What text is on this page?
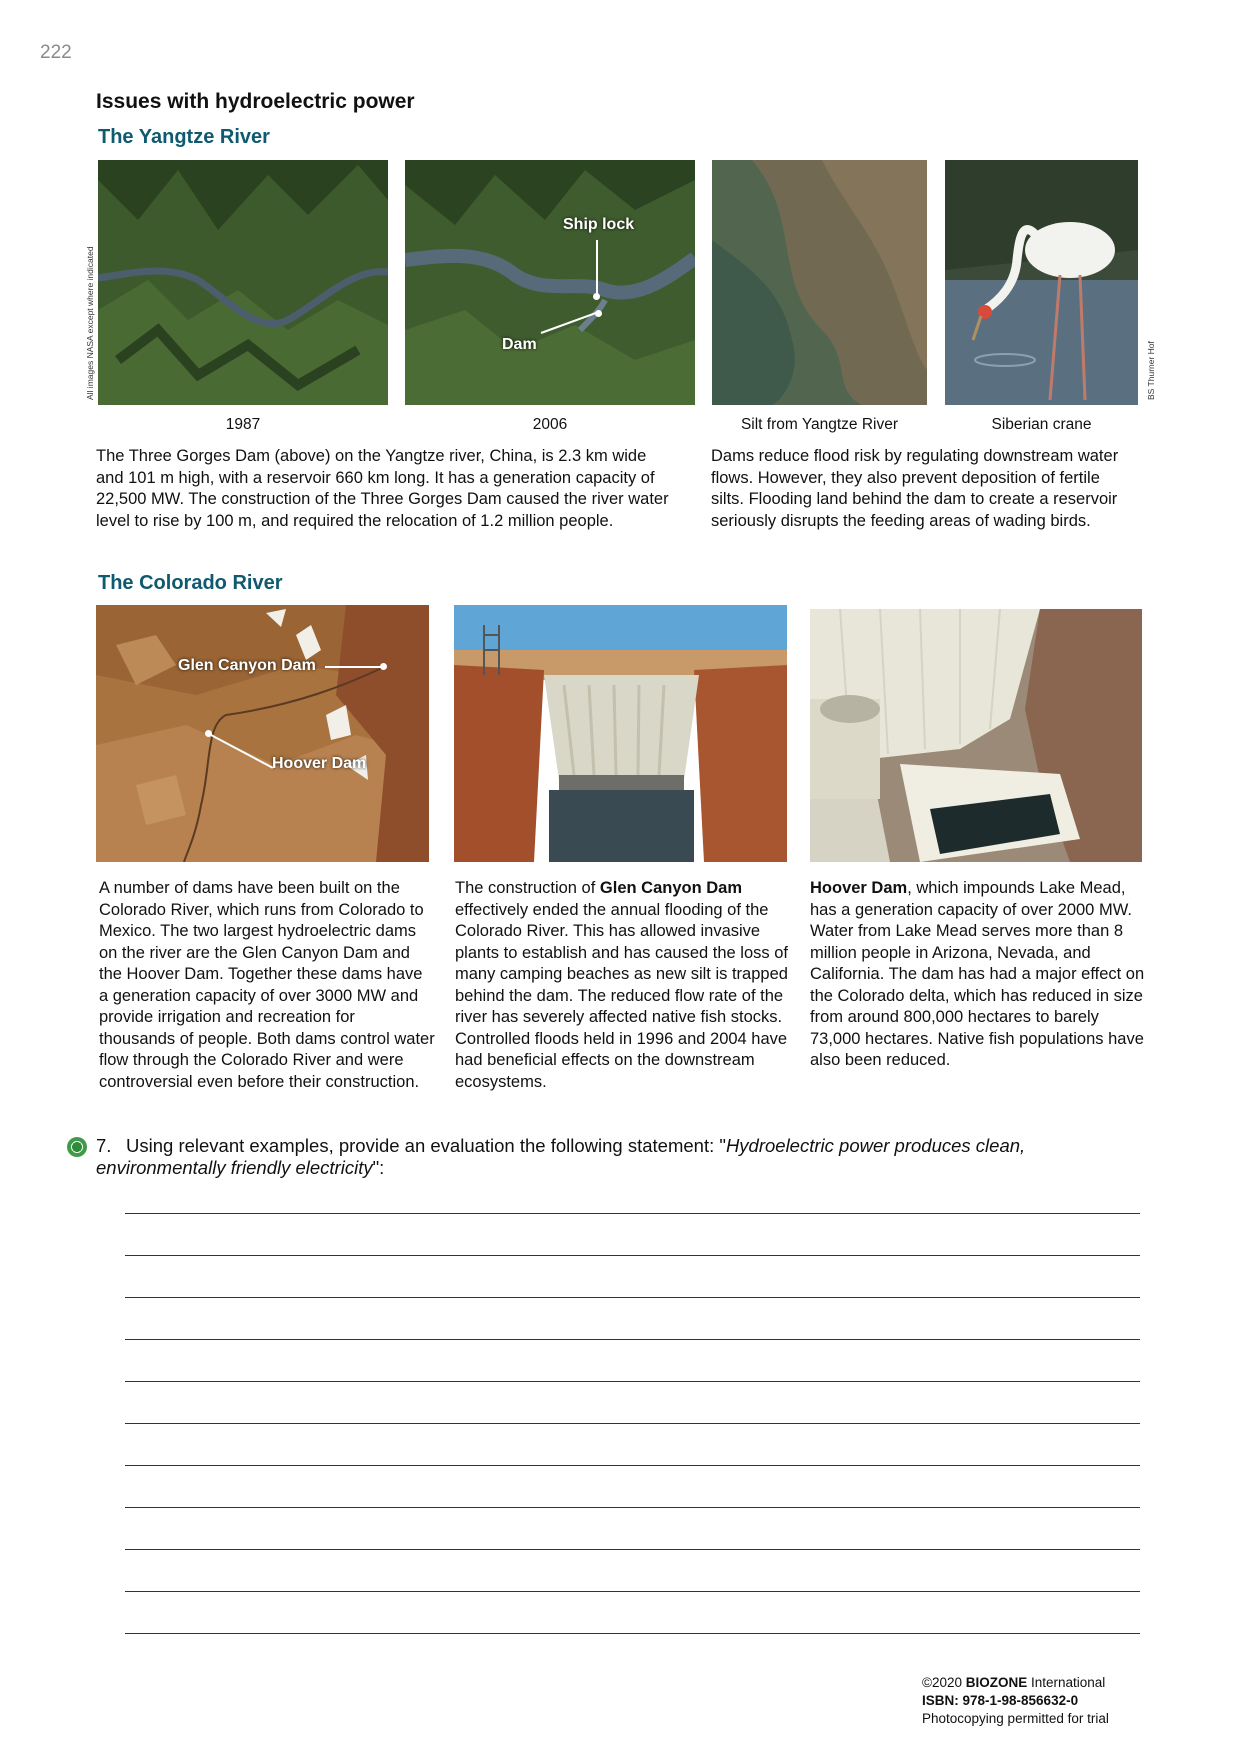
222
Issues with hydroelectric power
The Yangtze River
All images NASA except where indicated
Ship lock
Dam	BS Thurner Hof
1987	2006	Silt from Yangtze River	Siberian crane
The Three Gorges Dam (above) on the Yangtze river, China, is 2.3 km wide and 101 m high, with a reservoir 660 km long. It has a generation capacity of 22,500 MW. The construction of the Three Gorges Dam caused the river water level to rise by 100 m, and required the relocation of 1.2 million people.
Dams reduce flood risk by regulating downstream water flows. However, they also prevent deposition of fertile silts. Flooding land behind the dam to create a reservoir seriously disrupts the feeding areas of wading birds.
The Colorado River
Glen Canyon Dam
Hoover Dam
A number of dams have been built on the Colorado River, which runs from Colorado to Mexico. The two largest hydroelectric dams on the river are the Glen Canyon Dam and the Hoover Dam. Together these dams have a generation capacity of over 3000 MW and provide irrigation and recreation for thousands of people. Both dams control water flow through the Colorado River and were controversial even before their construction.
The construction of Glen Canyon Dam effectively ended the annual flooding of the Colorado River. This has allowed invasive plants to establish and has caused the loss of many camping beaches as new silt is trapped behind the dam. The reduced flow rate of the river has severely affected native fish stocks. Controlled floods held in 1996 and 2004 have had beneficial effects on the downstream ecosystems.
Hoover Dam, which impounds Lake Mead, has a generation capacity of over 2000 MW. Water from Lake Mead serves more than 8 million people in Arizona, Nevada, and California. The dam has had a major effect on the Colorado delta, which has reduced in size from around 800,000 hectares to barely 73,000 hectares. Native fish populations have also been reduced.
7. Using relevant examples, provide an evaluation the following statement: "Hydroelectric power produces clean, environmentally friendly electricity":
©2020 BIOZONE International
ISBN: 978-1-98-856632-0
Photocopying permitted for trial
